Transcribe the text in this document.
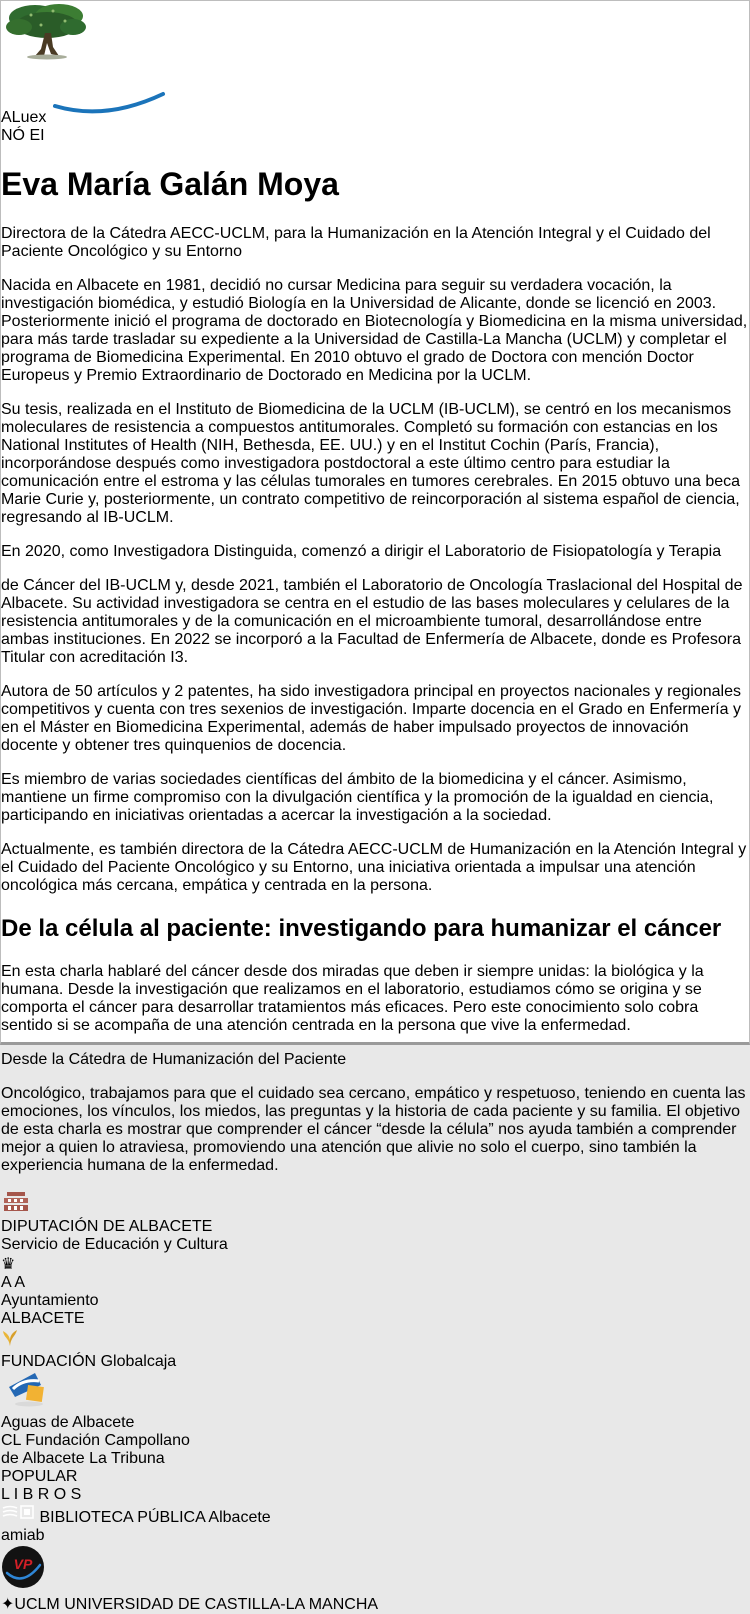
ALuex
NÓ EI
Eva María Galán Moya

Directora de la Cátedra AECC-UCLM, para la Humanización en la Atención Integral y el Cuidado del Paciente Oncológico y su Entorno

Nacida en Albacete en 1981, decidió no cursar Medicina para seguir su verdadera vocación, la investigación biomédica, y estudió Biología en la Universidad de Alicante, donde se licenció en 2003. Posteriormente inició el programa de doctorado en Biotecnología y Biomedicina en la misma universidad, para más tarde trasladar su expediente a la Universidad de Castilla-La Mancha (UCLM) y completar el programa de Biomedicina Experimental. En 2010 obtuvo el grado de Doctora con mención Doctor Europeus y Premio Extraordinario de Doctorado en Medicina por la UCLM.

Su tesis, realizada en el Instituto de Biomedicina de la UCLM (IB-UCLM), se centró en los mecanismos moleculares de resistencia a compuestos antitumorales. Completó su formación con estancias en los National Institutes of Health (NIH, Bethesda, EE. UU.) y en el Institut Cochin (París, Francia), incorporándose después como investigadora postdoctoral a este último centro para estudiar la comunicación entre el estroma y las células tumorales en tumores cerebrales. En 2015 obtuvo una beca Marie Curie y, posteriormente, un contrato competitivo de reincorporación al sistema español de ciencia, regresando al IB-UCLM.

En 2020, como Investigadora Distinguida, comenzó a dirigir el Laboratorio de Fisiopatología y Terapia

de Cáncer del IB-UCLM y, desde 2021, también el Laboratorio de Oncología Traslacional del Hospital de Albacete. Su actividad investigadora se centra en el estudio de las bases moleculares y celulares de la resistencia antitumorales y de la comunicación en el microambiente tumoral, desarrollándose entre ambas instituciones. En 2022 se incorporó a la Facultad de Enfermería de Albacete, donde es Profesora Titular con acreditación I3.

Autora de 50 artículos y 2 patentes, ha sido investigadora principal en proyectos nacionales y regionales competitivos y cuenta con tres sexenios de investigación. Imparte docencia en el Grado en Enfermería y en el Máster en Biomedicina Experimental, además de haber impulsado proyectos de innovación docente y obtener tres quinquenios de docencia.

Es miembro de varias sociedades científicas del ámbito de la biomedicina y el cáncer. Asimismo, mantiene un firme compromiso con la divulgación científica y la promoción de la igualdad en ciencia, participando en iniciativas orientadas a acercar la investigación a la sociedad.

Actualmente, es también directora de la Cátedra AECC-UCLM de Humanización en la Atención Integral y el Cuidado del Paciente Oncológico y su Entorno, una iniciativa orientada a impulsar una atención oncológica más cercana, empática y centrada en la persona.

De la célula al paciente: investigando para humanizar el cáncer

En esta charla hablaré del cáncer desde dos miradas que deben ir siempre unidas: la biológica y la humana. Desde la investigación que realizamos en el laboratorio, estudiamos cómo se origina y se comporta el cáncer para desarrollar tratamientos más eficaces. Pero este conocimiento solo cobra sentido si se acompaña de una atención centrada en la persona que vive la enfermedad.

Desde la Cátedra de Humanización del Paciente

Oncológico, trabajamos para que el cuidado sea cercano, empático y respetuoso, teniendo en cuenta las emociones, los vínculos, los miedos, las preguntas y la historia de cada paciente y su familia. El objetivo de esta charla es mostrar que comprender el cáncer “desde la célula” nos ayuda también a comprender mejor a quien lo atraviesa, promoviendo una atención que alivie no solo el cuerpo, sino también la experiencia humana de la enfermedad.

DIPUTACIÓN DE ALBACETE
Servicio de Educación y Cultura
♛
A A
Ayuntamiento
ALBACETE
FUNDACIÓN Globalcaja
Aguas de Albacete
CL Fundación Campollano
de Albacete La Tribuna
POPULAR
L I B R O S
BIBLIOTECA PÚBLICA Albacete
amiab
VP
✦UCLM UNIVERSIDAD DE CASTILLA-LA MANCHA
